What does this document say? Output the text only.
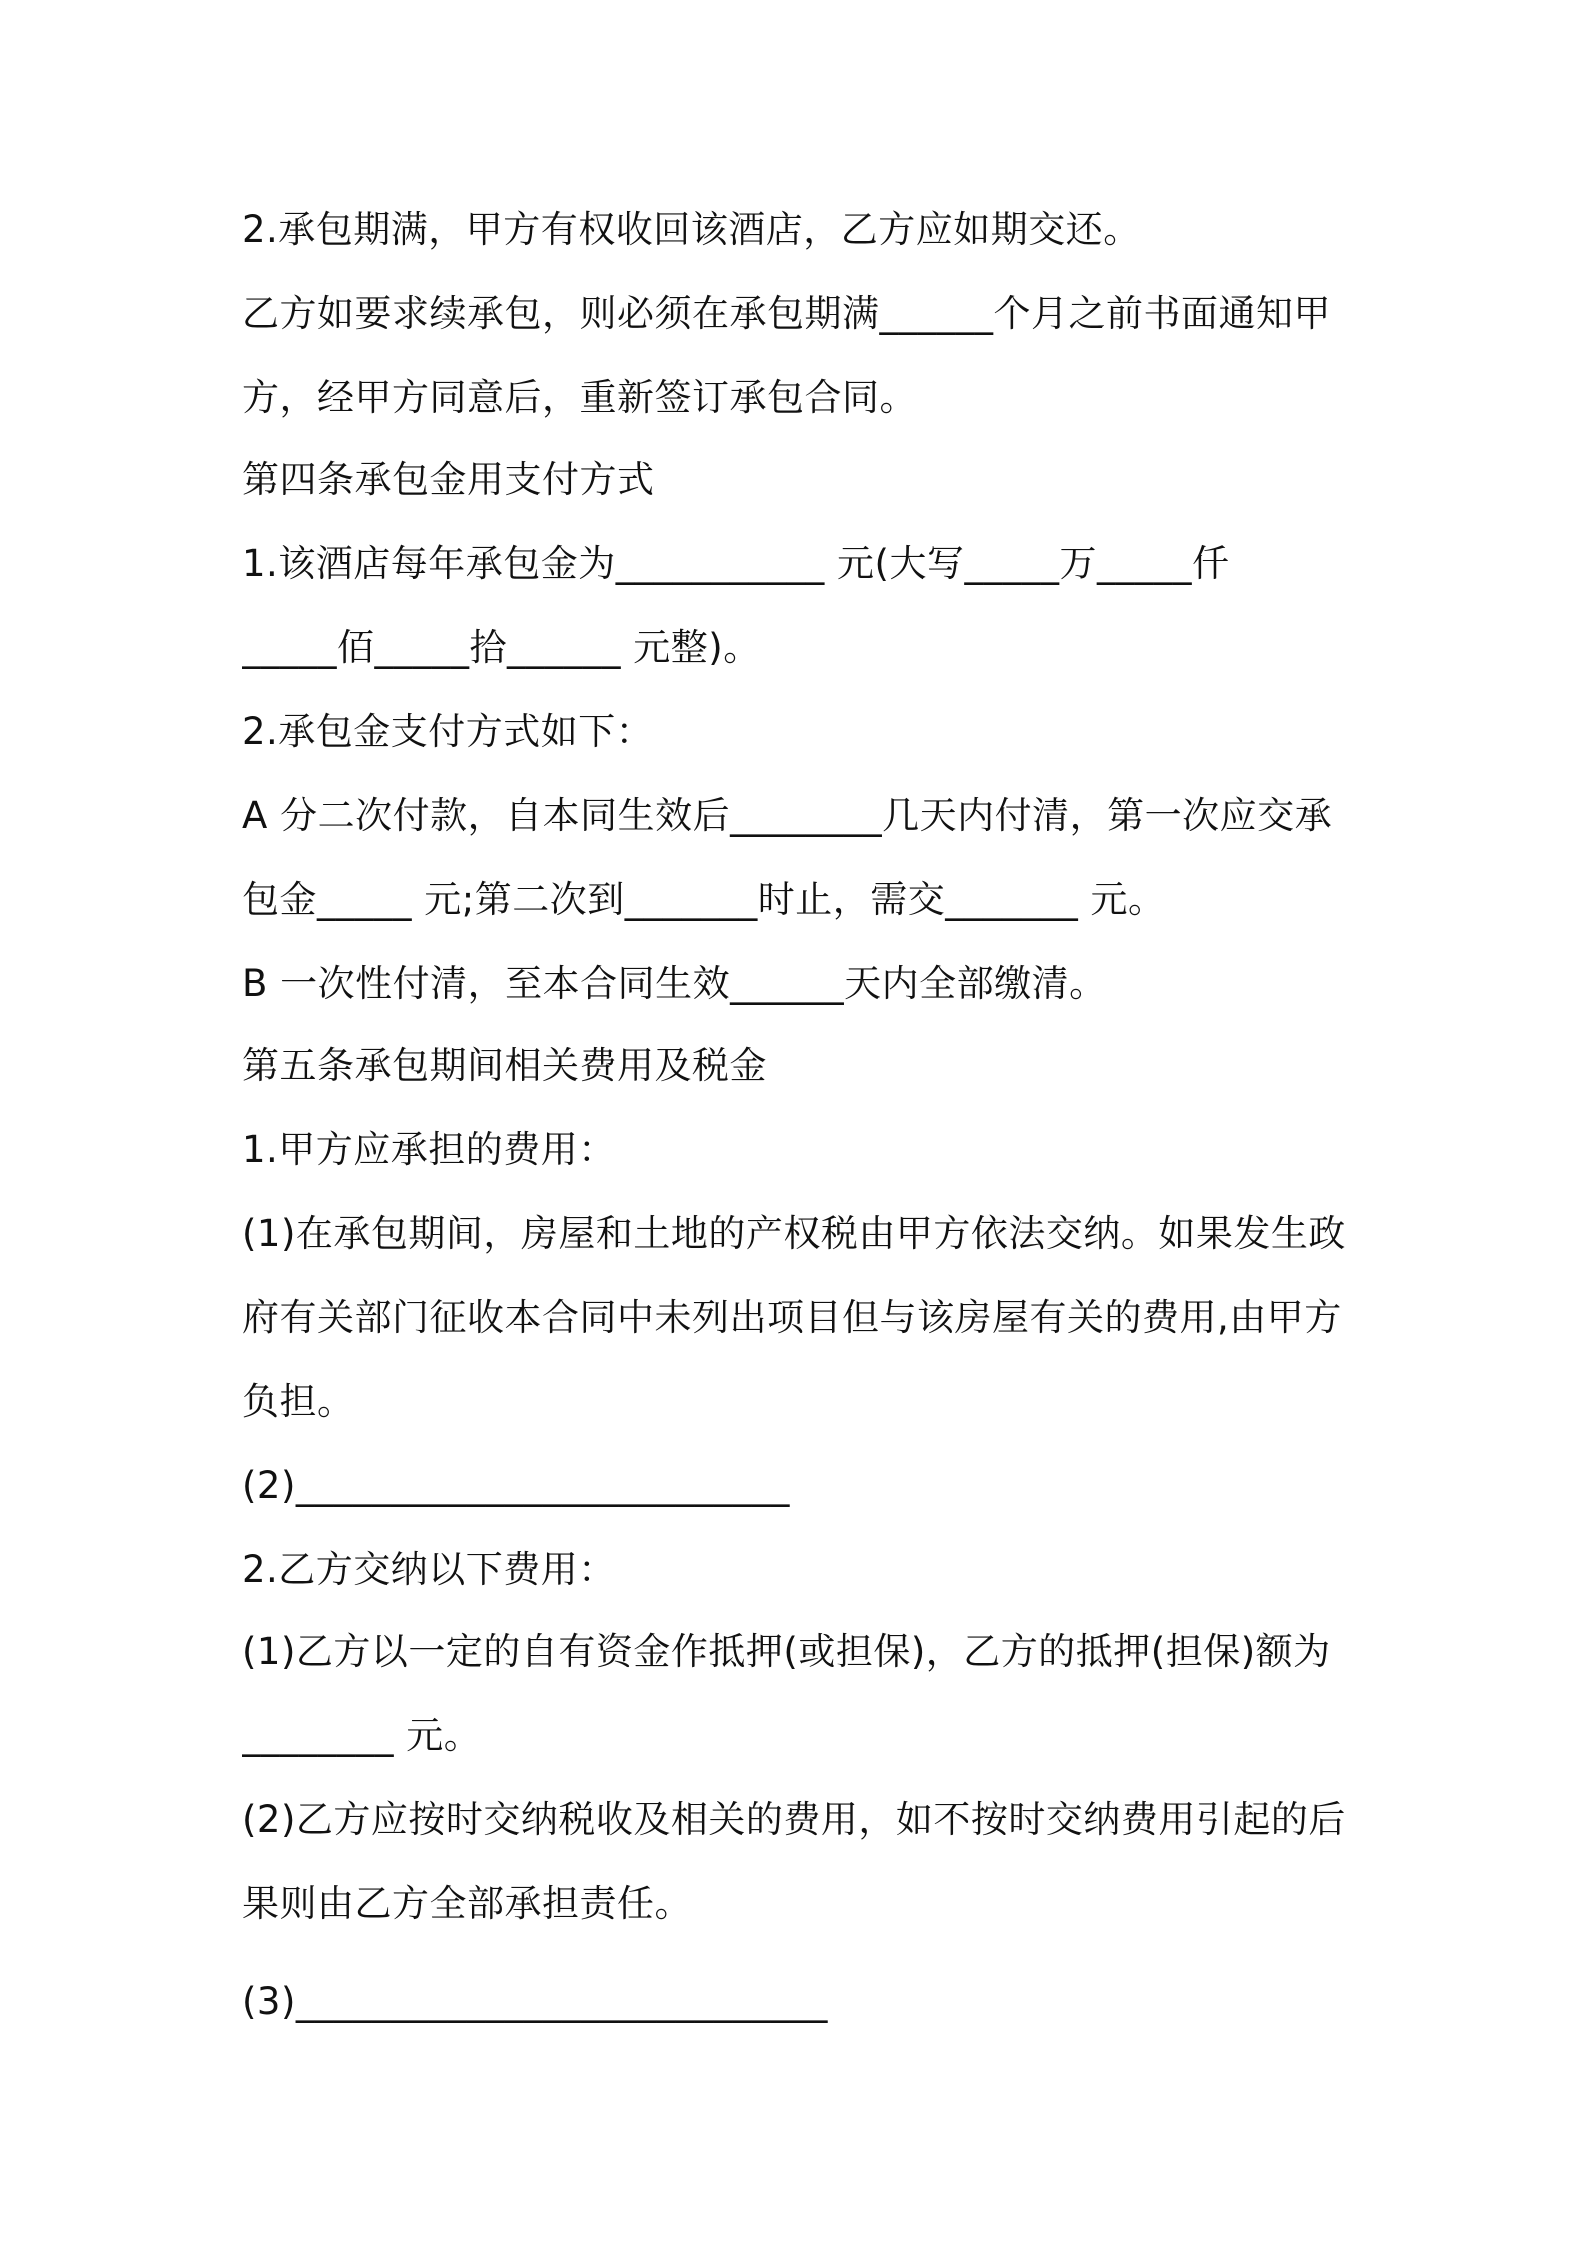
2.承包期满，甲方有权收回该酒店，乙方应如期交还。
乙方如要求续承包，则必须在承包期满______个月之前书面通知甲
方，经甲方同意后，重新签订承包合同。
第四条承包金用支付方式
1.该酒店每年承包金为___________ 元(大写_____万_____仟
_____佰_____拾______ 元整)。
2.承包金支付方式如下：
A 分二次付款，自本同生效后________几天内付清，第一次应交承
包金_____ 元;第二次到_______时止，需交_______ 元。
B 一次性付清，至本合同生效______天内全部缴清。
第五条承包期间相关费用及税金
1.甲方应承担的费用：
(1)在承包期间，房屋和土地的产权税由甲方依法交纳。如果发生政
府有关部门征收本合同中未列出项目但与该房屋有关的费用,由甲方
负担。
(2)__________________________
2.乙方交纳以下费用：
(1)乙方以一定的自有资金作抵押(或担保)，乙方的抵押(担保)额为
________ 元。
(2)乙方应按时交纳税收及相关的费用，如不按时交纳费用引起的后
果则由乙方全部承担责任。
(3)____________________________
